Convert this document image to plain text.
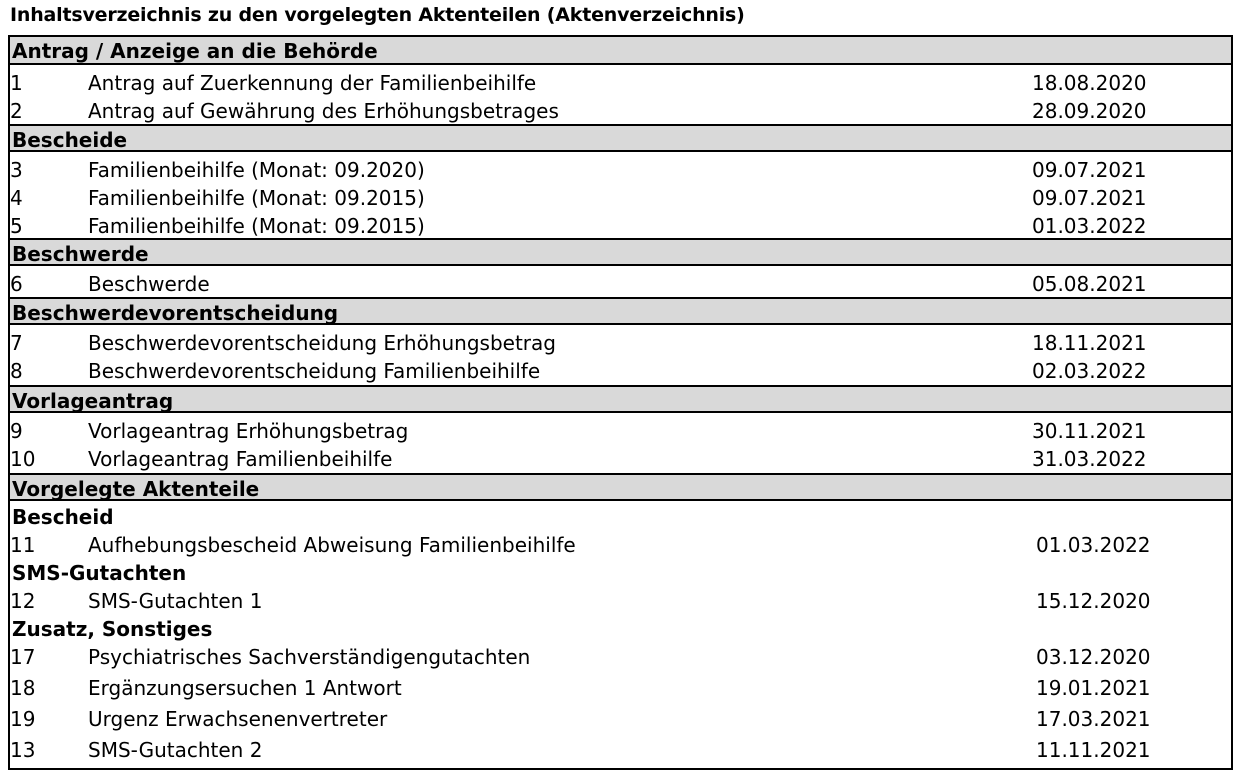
Inhaltsverzeichnis zu den vorgelegten Aktenteilen (Aktenverzeichnis)
Antrag / Anzeige an die Behörde
1	Antrag auf Zuerkennung der Familienbeihilfe	18.08.2020
2	Antrag auf Gewährung des Erhöhungsbetrages	28.09.2020
Bescheide
3	Familienbeihilfe (Monat: 09.2020)	09.07.2021
4	Familienbeihilfe (Monat: 09.2015)	09.07.2021
5	Familienbeihilfe (Monat: 09.2015)	01.03.2022
Beschwerde
6	Beschwerde	05.08.2021
Beschwerdevorentscheidung
7	Beschwerdevorentscheidung Erhöhungsbetrag	18.11.2021
8	Beschwerdevorentscheidung Familienbeihilfe	02.03.2022
Vorlageantrag
9	Vorlageantrag Erhöhungsbetrag	30.11.2021
10	Vorlageantrag Familienbeihilfe	31.03.2022
Vorgelegte Aktenteile
Bescheid
11	Aufhebungsbescheid Abweisung Familienbeihilfe	01.03.2022
SMS-Gutachten
12	SMS-Gutachten 1	15.12.2020
Zusatz, Sonstiges
17	Psychiatrisches Sachverständigengutachten	03.12.2020
18	Ergänzungsersuchen 1 Antwort	19.01.2021
19	Urgenz Erwachsenenvertreter	17.03.2021
13	SMS-Gutachten 2	11.11.2021
